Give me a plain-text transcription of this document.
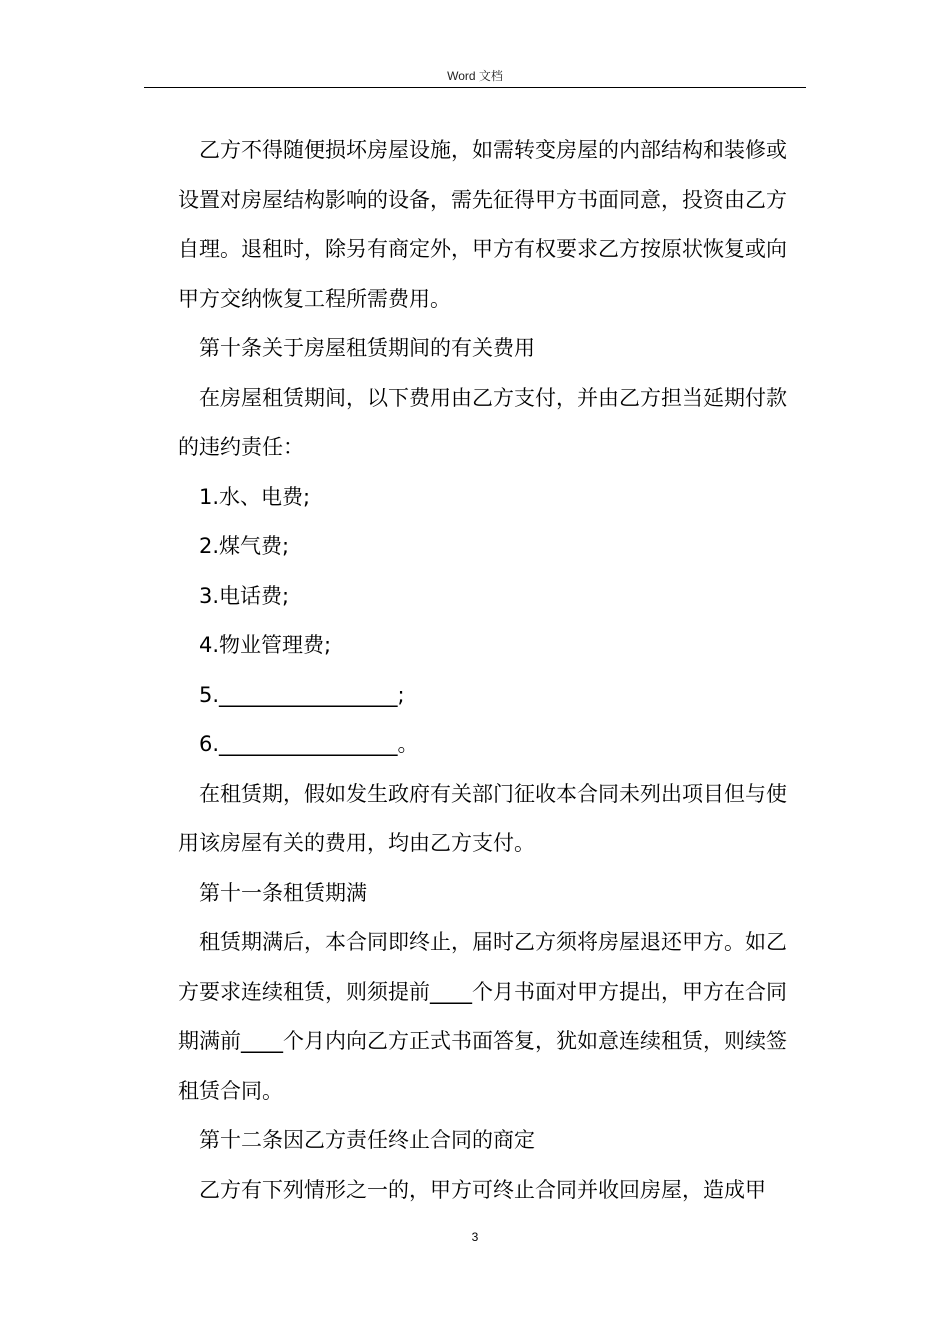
Word 文档

乙方不得随便损坏房屋设施，如需转变房屋的内部结构和装修或设置对房屋结构影响的设备，需先征得甲方书面同意，投资由乙方自理。退租时，除另有商定外，甲方有权要求乙方按原状恢复或向甲方交纳恢复工程所需费用。

第十条关于房屋租赁期间的有关费用

在房屋租赁期间，以下费用由乙方支付，并由乙方担当延期付款的违约责任：

1.水、电费;

2.煤气费;

3.电话费;

4.物业管理费;

5._________________;

6._________________。

在租赁期，假如发生政府有关部门征收本合同未列出项目但与使用该房屋有关的费用，均由乙方支付。

第十一条租赁期满

租赁期满后，本合同即终止，届时乙方须将房屋退还甲方。如乙方要求连续租赁，则须提前____个月书面对甲方提出，甲方在合同期满前____个月内向乙方正式书面答复，犹如意连续租赁，则续签租赁合同。

第十二条因乙方责任终止合同的商定

乙方有下列情形之一的，甲方可终止合同并收回房屋，造成甲

3
